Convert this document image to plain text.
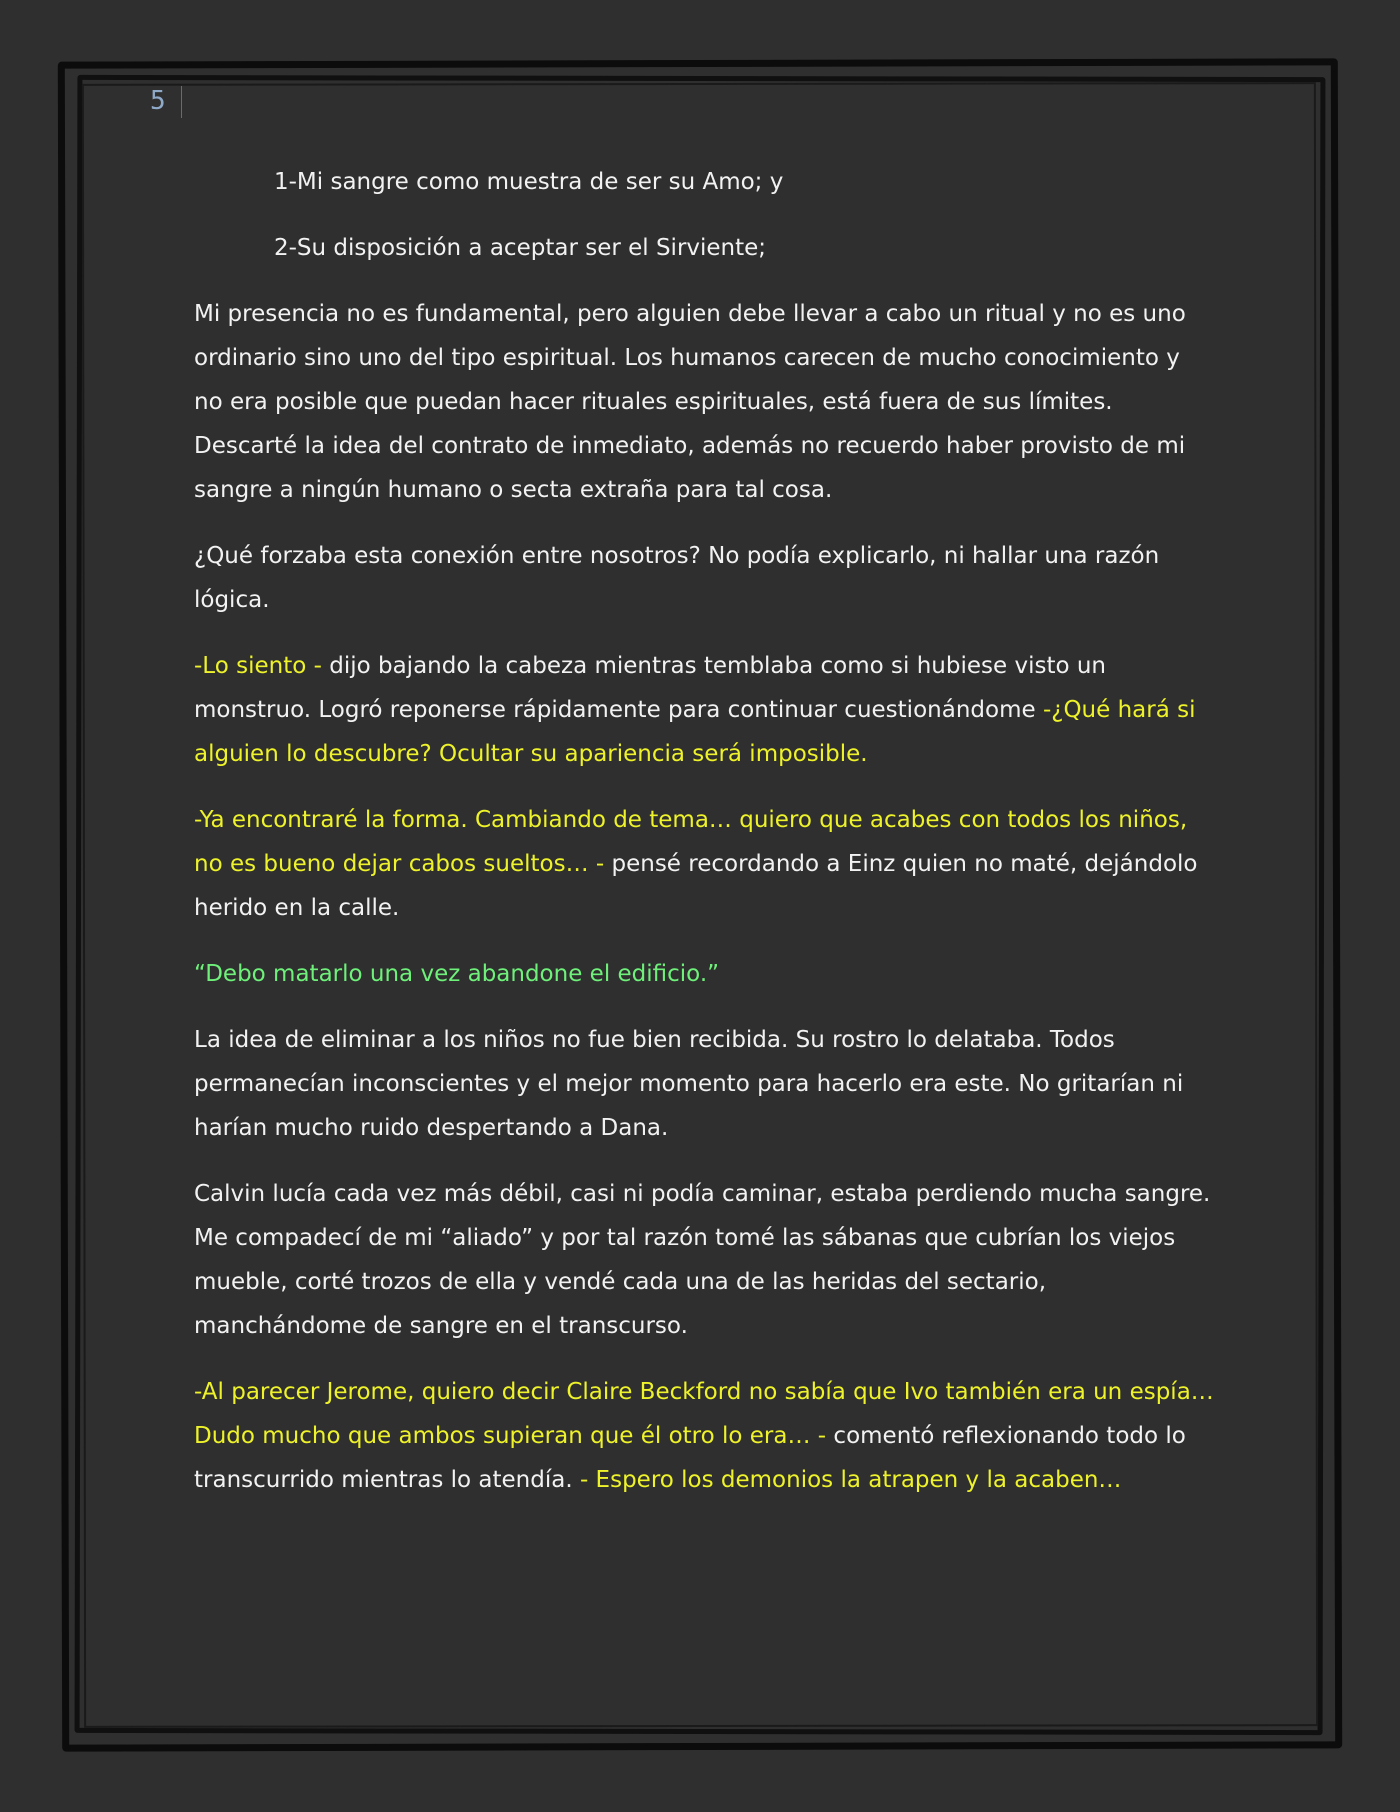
5
1-Mi sangre como muestra de ser su Amo; y
2-Su disposición a aceptar ser el Sirviente;

Mi presencia no es fundamental, pero alguien debe llevar a cabo un ritual y no es uno ordinario sino uno del tipo espiritual. Los humanos carecen de mucho conocimiento y no era posible que puedan hacer rituales espirituales, está fuera de sus límites. Descarté la idea del contrato de inmediato, además no recuerdo haber provisto de mi sangre a ningún humano o secta extraña para tal cosa.

¿Qué forzaba esta conexión entre nosotros? No podía explicarlo, ni hallar una razón lógica.

-Lo siento - dijo bajando la cabeza mientras temblaba como si hubiese visto un monstruo. Logró reponerse rápidamente para continuar cuestionándome -¿Qué hará si alguien lo descubre? Ocultar su apariencia será imposible.

-Ya encontraré la forma. Cambiando de tema… quiero que acabes con todos los niños, no es bueno dejar cabos sueltos… - pensé recordando a Einz quien no maté, dejándolo herido en la calle.

“Debo matarlo una vez abandone el edificio.”

La idea de eliminar a los niños no fue bien recibida. Su rostro lo delataba. Todos permanecían inconscientes y el mejor momento para hacerlo era este. No gritarían ni harían mucho ruido despertando a Dana.

Calvin lucía cada vez más débil, casi ni podía caminar, estaba perdiendo mucha sangre. Me compadecí de mi “aliado” y por tal razón tomé las sábanas que cubrían los viejos mueble, corté trozos de ella y vendé cada una de las heridas del sectario, manchándome de sangre en el transcurso.

-Al parecer Jerome, quiero decir Claire Beckford no sabía que Ivo también era un espía… Dudo mucho que ambos supieran que él otro lo era… - comentó reflexionando todo lo transcurrido mientras lo atendía. - Espero los demonios la atrapen y la acaben…
